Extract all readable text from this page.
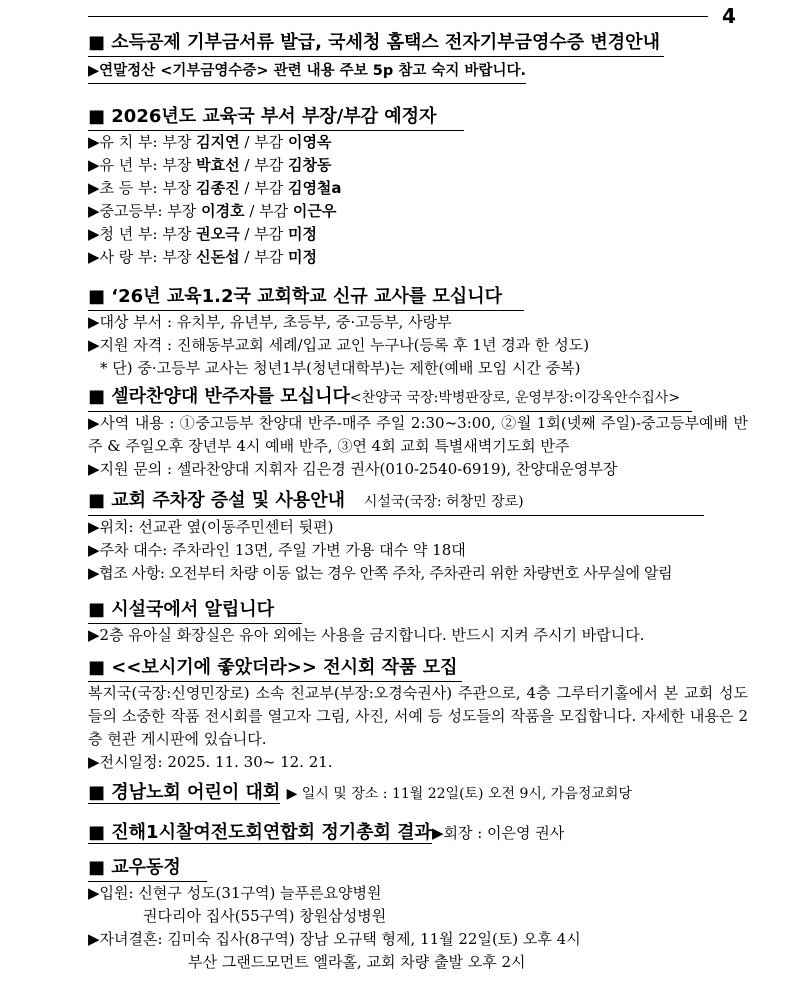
4
■ 소득공제 기부금서류 발급, 국세청 홈택스 전자기부금영수증 변경안내 ▶연말정산 <기부금영수증> 관련 내용 주보 5p 참고 숙지 바랍니다.
■ 2026년도 교육국 부서 부장/부감 예정자
▶유 치 부: 부장 김지연 / 부감 이영옥
▶유 년 부: 부장 박효선 / 부감 김창동
▶초 등 부: 부장 김종진 / 부감 김영철a
▶중고등부: 부장 이경호 / 부감 이근우
▶청 년 부: 부장 권오극 / 부감 미정
▶사 랑 부: 부장 신돈섭 / 부감 미정
■ ‘26년 교육1.2국 교회학교 신규 교사를 모십니다
▶대상 부서 : 유치부, 유년부, 초등부, 중·고등부, 사랑부
▶지원 자격 : 진해동부교회 세례/입교 교인 누구나(등록 후 1년 경과 한 성도)
* 단) 중·고등부 교사는 청년1부(청년대학부)는 제한(예배 모임 시간 중복)
■ 셀라찬양대 반주자를 모십니다<찬양국 국장:박병판장로, 운영부장:이강옥안수집사>
▶사역 내용 : ①중고등부 찬양대 반주-매주 주일 2:30~3:00, ②월 1회(넷째 주일)-중고등부예배 반주 & 주일오후 장년부 4시 예배 반주, ③연 4회 교회 특별새벽기도회 반주
▶지원 문의 : 셀라찬양대 지휘자 김은경 권사(010-2540-6919), 찬양대운영부장
■ 교회 주차장 증설 및 사용안내 시설국(국장: 허창민 장로)
▶위치: 선교관 옆(이동주민센터 뒷편)
▶주차 대수: 주차라인 13면, 주일 가변 가용 대수 약 18대
▶협조 사항: 오전부터 차량 이동 없는 경우 안쪽 주차, 주차관리 위한 차량번호 사무실에 알림
■ 시설국에서 알립니다
▶2층 유아실 화장실은 유아 외에는 사용을 금지합니다. 반드시 지켜 주시기 바랍니다.
■ <<보시기에 좋았더라>> 전시회 작품 모집
복지국(국장:신영민장로) 소속 친교부(부장:오경숙권사) 주관으로, 4층 그루터기홀에서 본 교회 성도들의 소중한 작품 전시회를 열고자 그림, 사진, 서예 등 성도들의 작품을 모집합니다. 자세한 내용은 2층 현관 게시판에 있습니다.
▶전시일정: 2025. 11. 30~ 12. 21.
■ 경남노회 어린이 대회 ▶ 일시 및 장소 : 11월 22일(토) 오전 9시, 가음정교회당
■ 진해1시찰여전도회연합회 정기총회 결과▶회장 : 이은영 권사
■ 교우동정
▶입원: 신현구 성도(31구역) 늘푸른요양병원
권다리아 집사(55구역) 창원삼성병원
▶자녀결혼: 김미숙 집사(8구역) 장남 오규택 형제, 11월 22일(토) 오후 4시
부산 그랜드모먼트 엘라홀, 교회 차량 출발 오후 2시
